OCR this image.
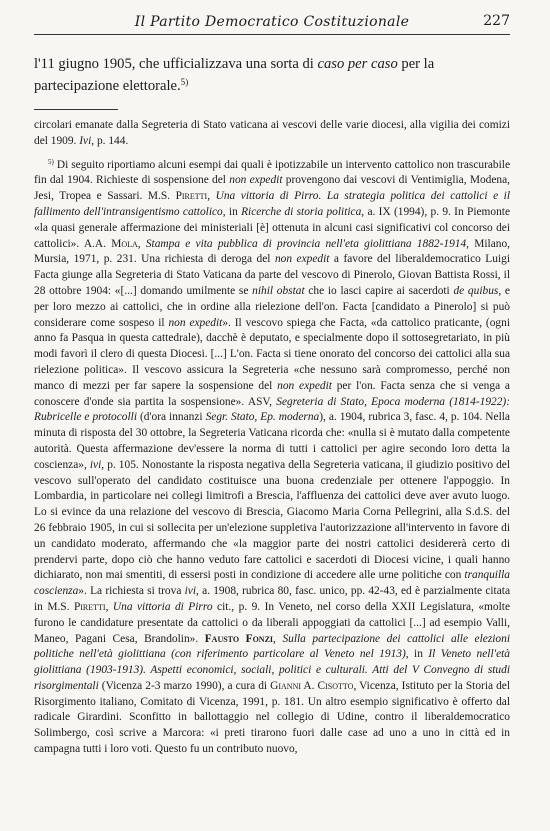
Il Partito Democratico Costituzionale	227

l'11 giugno 1905, che ufficializzava una sorta di caso per caso per la partecipazione elettorale.$^{5)}$

circolari emanate dalla Segreteria di Stato vaticana ai vescovi delle varie diocesi, alla vigilia dei comizi del 1909. Ivi, p. 144.

$^{5)}$ Di seguito riportiamo alcuni esempi dai quali è ipotizzabile un intervento cattolico non trascurabile fin dal 1904. Richieste di sospensione del non expedit provengono dai vescovi di Ventimiglia, Modena, Jesi, Tropea e Sassari. M.S. Piretti, Una vittoria di Pirro. La strategia politica dei cattolici e il fallimento dell'intransigentismo cattolico, in Ricerche di storia politica, a. IX (1994), p. 9. In Piemonte «la quasi generale affermazione dei ministeriali [è] ottenuta in alcuni casi significativi col concorso dei cattolici». A.A. Mola, Stampa e vita pubblica di provincia nell'eta giolittiana 1882-1914, Milano, Mursia, 1971, p. 231. Una richiesta di deroga del non expedit a favore del liberaldemocratico Luigi Facta giunge alla Segreteria di Stato Vaticana da parte del vescovo di Pinerolo, Giovan Battista Rossi, il 28 ottobre 1904: «[...] domando umilmente se nihil obstat che io lasci capire ai sacerdoti de quibus, e per loro mezzo ai cattolici, che in ordine alla rielezione dell'on. Facta [candidato a Pinerolo] si può considerare come sospeso il non expedit». Il vescovo spiega che Facta, «da cattolico praticante, (ogni anno fa Pasqua in questa cattedrale), dacchè è deputato, e specialmente dopo il sottosegretariato, in più modi favorì il clero di questa Diocesi. [...] L'on. Facta si tiene onorato del concorso dei cattolici alla sua rielezione politica». Il vescovo assicura la Segreteria «che nessuno sarà compromesso, perché non manco di mezzi per far sapere la sospensione del non expedit per l'on. Facta senza che si venga a conoscere d'onde sia partita la sospensione». ASV, Segreteria di Stato, Epoca moderna (1814-1922): Rubricelle e protocolli (d'ora innanzi Segr. Stato, Ep. moderna), a. 1904, rubrica 3, fasc. 4, p. 104. Nella minuta di risposta del 30 ottobre, la Segreteria Vaticana ricorda che: «nulla si è mutato dalla competente autorità. Questa affermazione dev'essere la norma di tutti i cattolici per agire secondo loro detta la coscienza», ivi, p. 105. Nonostante la risposta negativa della Segreteria vaticana, il giudizio positivo del vescovo sull'operato del candidato costituisce una buona credenziale per ottenere l'appoggio. In Lombardia, in particolare nei collegi limitrofi a Brescia, l'affluenza dei cattolici deve aver avuto luogo. Lo si evince da una relazione del vescovo di Brescia, Giacomo Maria Corna Pellegrini, alla S.d.S. del 26 febbraio 1905, in cui si sollecita per un'elezione suppletiva l'autorizzazione all'intervento in favore di un candidato moderato, affermando che «la maggior parte dei nostri cattolici desidererà certo di prendervi parte, dopo ciò che hanno veduto fare cattolici e sacerdoti di Diocesi vicine, i quali hanno dichiarato, non mai smentiti, di essersi posti in condizione di accedere alle urne politiche con tranquilla coscienza». La richiesta si trova ivi, a. 1908, rubrica 80, fasc. unico, pp. 42-43, ed è parzialmente citata in M.S. Piretti, Una vittoria di Pirro cit., p. 9. In Veneto, nel corso della XXII Legislatura, «molte furono le candidature presentate da cattolici o da liberali appoggiati da cattolici [...] ad esempio Valli, Maneo, Pagani Cesa, Brandolin». Fausto Fonzi, Sulla partecipazione dei cattolici alle elezioni politiche nell'età giolittiana (con riferimento particolare al Veneto nel 1913), in Il Veneto nell'età giolittiana (1903-1913). Aspetti economici, sociali, politici e culturali. Atti del V Convegno di studi risorgimentali (Vicenza 2-3 marzo 1990), a cura di Gianni A. Cisotto, Vicenza, Istituto per la Storia del Risorgimento italiano, Comitato di Vicenza, 1991, p. 181. Un altro esempio significativo è offerto dal radicale Girardini. Sconfitto in ballottaggio nel collegio di Udine, contro il liberaldemocratico Solimbergo, così scrive a Marcora: «i preti tirarono fuori dalle case ad uno a uno in città ed in campagna tutti i loro voti. Questo fu un contributo nuovo,
